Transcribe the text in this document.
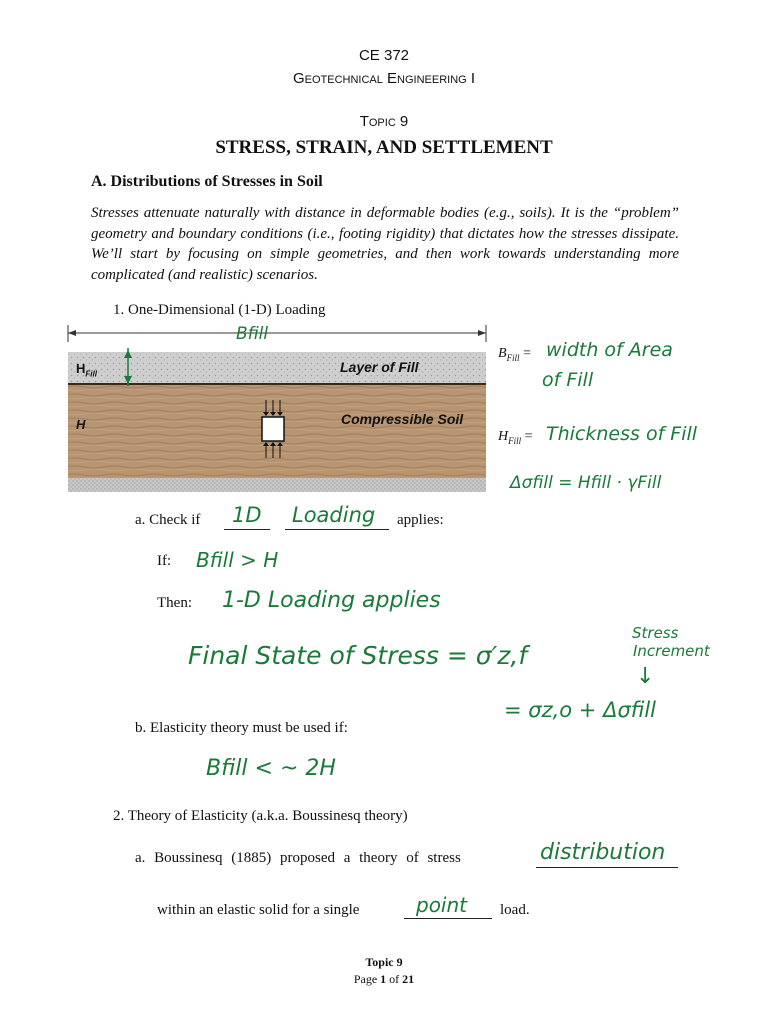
CE 372
Geotechnical Engineering I
Topic 9
STRESS, STRAIN, AND SETTLEMENT
A. Distributions of Stresses in Soil
Stresses attenuate naturally with distance in deformable bodies (e.g., soils). It is the “problem” geometry and boundary conditions (i.e., footing rigidity) that dictates how the stresses dissipate. We’ll start by focusing on simple geometries, and then work towards understanding more complicated (and realistic) scenarios.
1. One-Dimensional (1-D) Loading
Bfill
$H_{Fill}$	Layer of Fill
H	Compressible Soil
$B_{Fill}$ = width of Area
of Fill
$H_{Fill}$ = Thickness of Fill
Δσfill = Hfill · γFill
a. Check if 1D Loading applies:
If: Bfill > H
Then: 1-D Loading applies
Final State of Stress = σ′z,f
Stress
Increment
↓
= σz,o + Δσfill
b. Elasticity theory must be used if:
Bfill < ~ 2H
2. Theory of Elasticity (a.k.a. Boussinesq theory)
a. Boussinesq (1885) proposed a theory of stress	distribution
within an elastic solid for a single	point load.
Topic 9
Page 1 of 21
